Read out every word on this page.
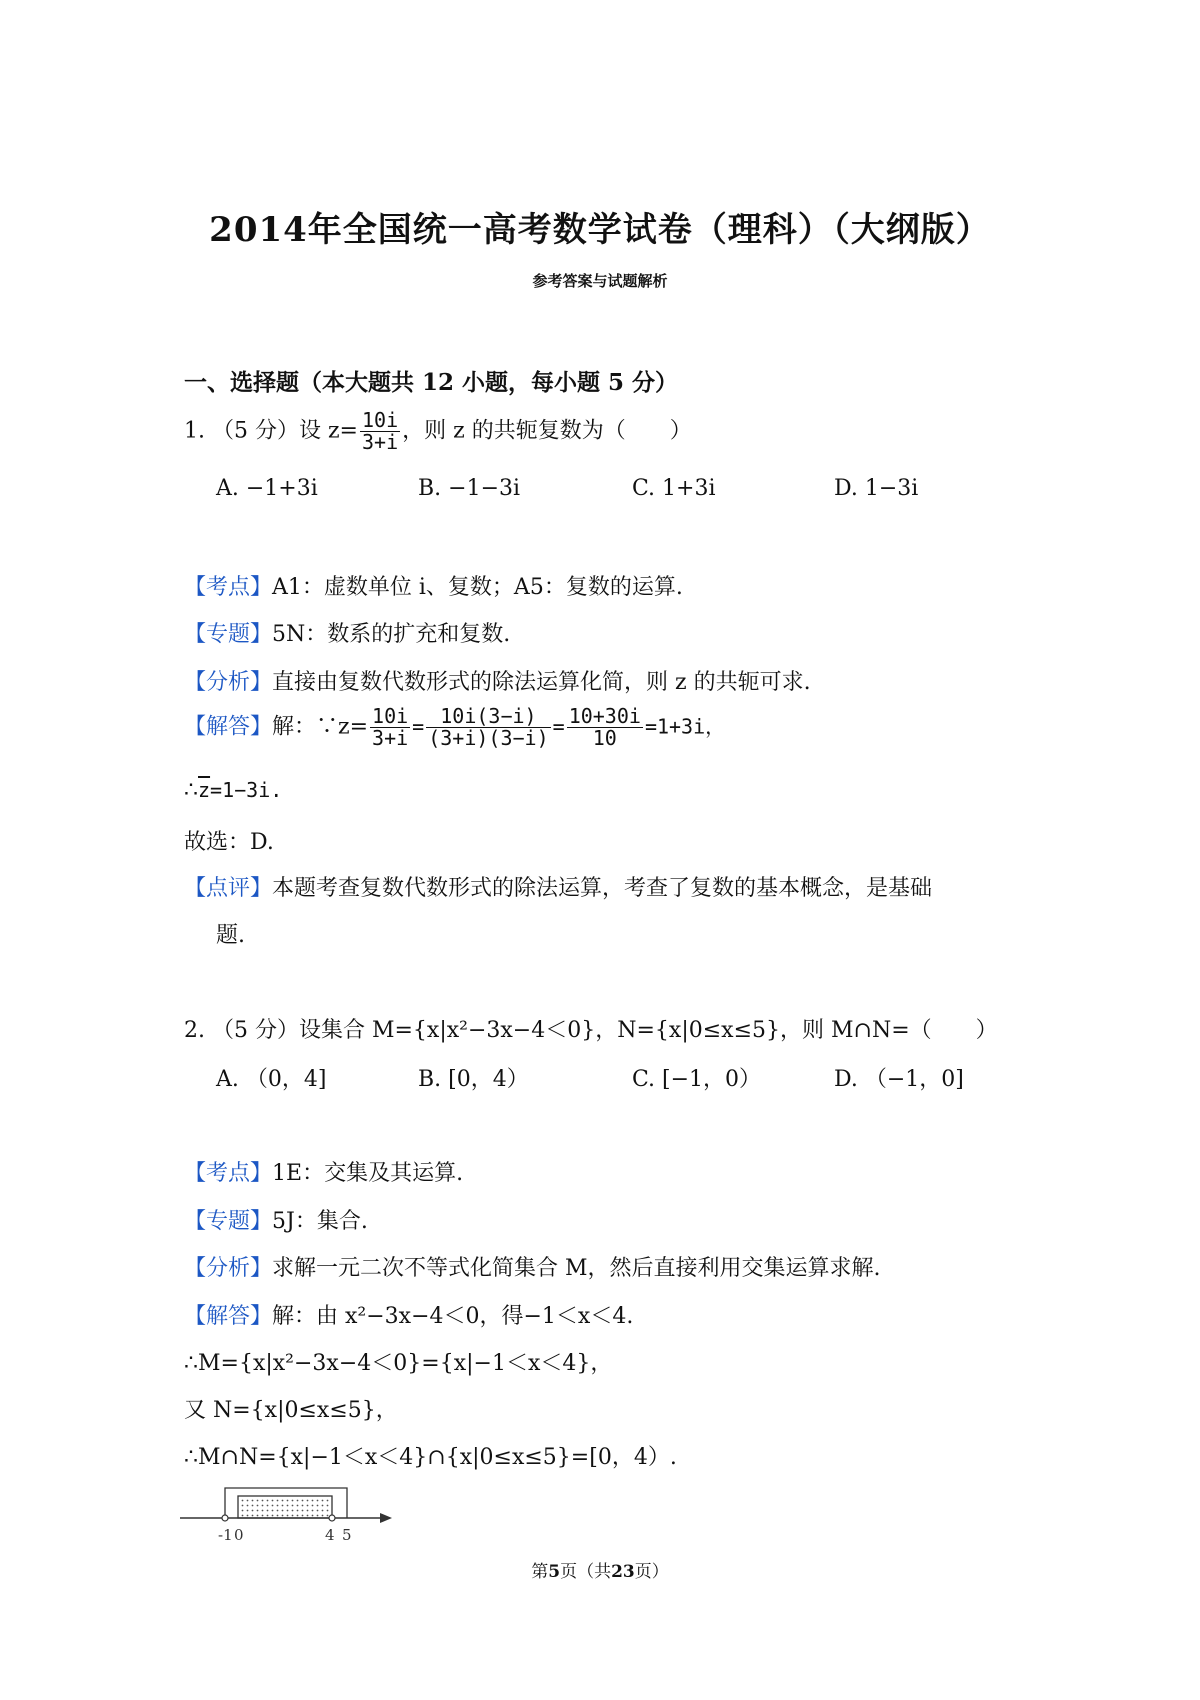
2014年全国统一高考数学试卷（理科）（大纲版）
参考答案与试题解析
一、选择题（本大题共 12 小题，每小题 5 分）
1. （5 分）设 $z= \frac{10i}{3+i}$ ，则 z 的共轭复数为（　　）
A. −1+3i	B. −1−3i	C. 1+3i	D. 1−3i
【考点】A1：虚数单位 i、复数；A5：复数的运算.
【专题】5N：数系的扩充和复数.
【分析】直接由复数代数形式的除法运算化简，则 z 的共轭可求.
【解答】解：∵z= $\frac{10i}{3+i} = \frac{10i(3-i)}{(3+i)(3-i)} = \frac{10+30i}{10} =1+3i$，
$\therefore\overline{z}=1-3i$.
故选：D.
【点评】本题考查复数代数形式的除法运算，考查了复数的基本概念，是基础
题.
2. （5 分）设集合 M={x|x²−3x−4＜0}，N={x|0≤x≤5}，则 M∩N=（　　）
A. （0，4]	B. [0，4）	C. [−1，0）	D. （−1，0]
【考点】1E：交集及其运算.
【专题】5J：集合.
【分析】求解一元二次不等式化简集合 M，然后直接利用交集运算求解.
【解答】解：由 x²−3x−4＜0，得−1＜x＜4.
∴M={x|x²−3x−4＜0}={x|−1＜x＜4}，
又 N={x|0≤x≤5}，
∴M∩N={x|−1＜x＜4}∩{x|0≤x≤5}=[0，4）.
-1 0	4 5
第5页（共23页）
